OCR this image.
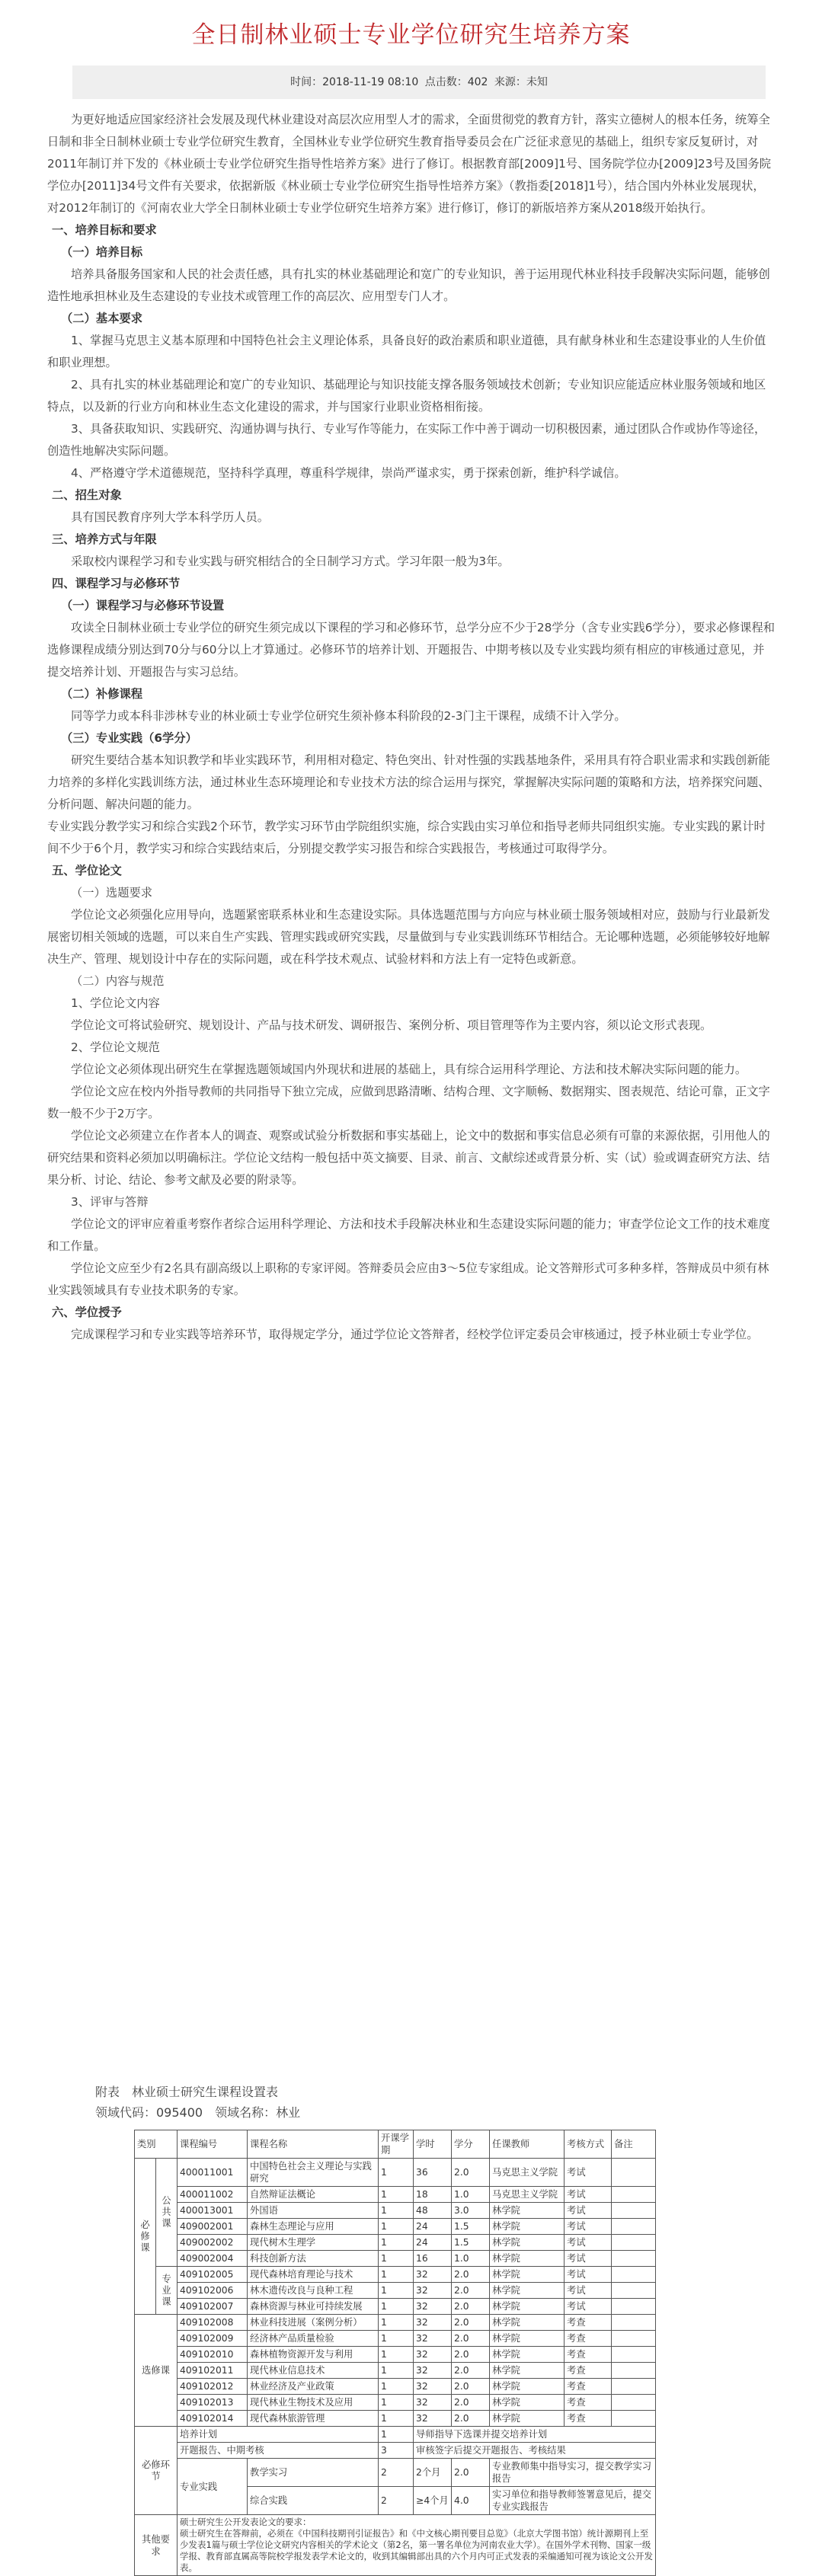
全日制林业硕士专业学位研究生培养方案
时间：2018-11-19 08:10 点击数：402 来源：未知

为更好地适应国家经济社会发展及现代林业建设对高层次应用型人才的需求，全面贯彻党的教育方针，落实立德树人的根本任务，统筹全日制和非全日制林业硕士专业学位研究生教育，全国林业专业学位研究生教育指导委员会在广泛征求意见的基础上，组织专家反复研讨，对2011年制订并下发的《林业硕士专业学位研究生指导性培养方案》进行了修订。根据教育部[2009]1号、国务院学位办[2009]23号及国务院学位办[2011]34号文件有关要求，依据新版《林业硕士专业学位研究生指导性培养方案》（教指委[2018]1号），结合国内外林业发展现状，对2012年制订的《河南农业大学全日制林业硕士专业学位研究生培养方案》进行修订，修订的新版培养方案从2018级开始执行。

一、培养目标和要求

（一）培养目标

培养具备服务国家和人民的社会责任感，具有扎实的林业基础理论和宽广的专业知识，善于运用现代林业科技手段解决实际问题，能够创造性地承担林业及生态建设的专业技术或管理工作的高层次、应用型专门人才。

（二）基本要求

1、掌握马克思主义基本原理和中国特色社会主义理论体系，具备良好的政治素质和职业道德，具有献身林业和生态建设事业的人生价值和职业理想。

2、具有扎实的林业基础理论和宽广的专业知识、基础理论与知识技能支撑各服务领域技术创新；专业知识应能适应林业服务领域和地区特点，以及新的行业方向和林业生态文化建设的需求，并与国家行业职业资格相衔接。

3、具备获取知识、实践研究、沟通协调与执行、专业写作等能力，在实际工作中善于调动一切积极因素，通过团队合作或协作等途径，创造性地解决实际问题。

4、严格遵守学术道德规范，坚持科学真理，尊重科学规律，崇尚严谨求实，勇于探索创新，维护科学诚信。

二、招生对象

具有国民教育序列大学本科学历人员。

三、培养方式与年限

采取校内课程学习和专业实践与研究相结合的全日制学习方式。学习年限一般为3年。

四、课程学习与必修环节

（一）课程学习与必修环节设置

攻读全日制林业硕士专业学位的研究生须完成以下课程的学习和必修环节，总学分应不少于28学分（含专业实践6学分），要求必修课程和选修课程成绩分别达到70分与60分以上才算通过。必修环节的培养计划、开题报告、中期考核以及专业实践均须有相应的审核通过意见，并提交培养计划、开题报告与实习总结。

（二）补修课程

同等学力或本科非涉林专业的林业硕士专业学位研究生须补修本科阶段的2-3门主干课程，成绩不计入学分。

（三）专业实践（6学分）

研究生要结合基本知识教学和毕业实践环节，利用相对稳定、特色突出、针对性强的实践基地条件，采用具有符合职业需求和实践创新能力培养的多样化实践训练方法，通过林业生态环境理论和专业技术方法的综合运用与探究，掌握解决实际问题的策略和方法，培养探究问题、分析问题、解决问题的能力。

专业实践分教学实习和综合实践2个环节，教学实习环节由学院组织实施，综合实践由实习单位和指导老师共同组织实施。专业实践的累计时间不少于6个月，教学实习和综合实践结束后，分别提交教学实习报告和综合实践报告，考核通过可取得学分。

五、学位论文

（一）选题要求

学位论文必须强化应用导向，选题紧密联系林业和生态建设实际。具体选题范围与方向应与林业硕士服务领域相对应，鼓励与行业最新发展密切相关领域的选题，可以来自生产实践、管理实践或研究实践，尽量做到与专业实践训练环节相结合。无论哪种选题，必须能够较好地解决生产、管理、规划设计中存在的实际问题，或在科学技术观点、试验材料和方法上有一定特色或新意。

（二）内容与规范

1、学位论文内容

学位论文可将试验研究、规划设计、产品与技术研发、调研报告、案例分析、项目管理等作为主要内容，须以论文形式表现。

2、学位论文规范

学位论文必须体现出研究生在掌握选题领域国内外现状和进展的基础上，具有综合运用科学理论、方法和技术解决实际问题的能力。

学位论文应在校内外指导教师的共同指导下独立完成，应做到思路清晰、结构合理、文字顺畅、数据翔实、图表规范、结论可靠，正文字数一般不少于2万字。

学位论文必须建立在作者本人的调查、观察或试验分析数据和事实基础上，论文中的数据和事实信息必须有可靠的来源依据，引用他人的研究结果和资料必须加以明确标注。学位论文结构一般包括中英文摘要、目录、前言、文献综述或背景分析、实（试）验或调查研究方法、结果分析、讨论、结论、参考文献及必要的附录等。

3、评审与答辩

学位论文的评审应着重考察作者综合运用科学理论、方法和技术手段解决林业和生态建设实际问题的能力；审查学位论文工作的技术难度和工作量。

学位论文应至少有2名具有副高级以上职称的专家评阅。答辩委员会应由3～5位专家组成。论文答辩形式可多种多样，答辩成员中须有林业实践领域具有专业技术职务的专家。

六、学位授予

完成课程学习和专业实践等培养环节，取得规定学分，通过学位论文答辩者，经校学位评定委员会审核通过，授予林业硕士专业学位。

附表　林业硕士研究生课程设置表
领域代码：095400　领域名称：林业
类别		课程编号	课程名称	开课学期	学时	学分	任课教师	考核方式	备注
必修课	公共课	400011001	中国特色社会主义理论与实践研究	1	36	2.0	马克思主义学院	考试	
		400011002	自然辩证法概论	1	18	1.0	马克思主义学院	考试	
		400013001	外国语	1	48	3.0	林学院	考试	
		409002001	森林生态理论与应用	1	24	1.5	林学院	考试	
		409002002	现代树木生理学	1	24	1.5	林学院	考试	
		409002004	科技创新方法	1	16	1.0	林学院	考试	
	专业课	409102005	现代森林培育理论与技术	1	32	2.0	林学院	考试	
		409102006	林木遗传改良与良种工程	1	32	2.0	林学院	考试	
		409102007	森林资源与林业可持续发展	1	32	2.0	林学院	考试	
选修课		409102008	林业科技进展（案例分析）	1	32	2.0	林学院	考查	
		409102009	经济林产品质量检验	1	32	2.0	林学院	考查	
		409102010	森林植物资源开发与利用	1	32	2.0	林学院	考查	
		409102011	现代林业信息技术	1	32	2.0	林学院	考查	
		409102012	林业经济及产业政策	1	32	2.0	林学院	考查	
		409102013	现代林业生物技术及应用	1	32	2.0	林学院	考查	
		409102014	现代森林旅游管理	1	32	2.0	林学院	考查	
必修环节		培养计划		1	导师指导下选课并提交培养计划				
		开题报告、中期考核		3	审核签字后提交开题报告、考核结果				
		专业实践	教学实习	2	2个月	2.0	专业教师集中指导实习，提交教学实习报告		
			综合实践	2	≥4个月	4.0	实习单位和指导教师签署意见后，提交专业实践报告		
其他要求		硕士研究生公开发表论文的要求：
硕士研究生在答辩前，必须在《中国科技期刊引证报告》和《中文核心期刊要目总览》（北京大学图书馆）统计源期刊上至少发表1篇与硕士学位论文研究内容相关的学术论文（第2名，第一署名单位为河南农业大学）。在国外学术刊物、国家一级学报、教育部直属高等院校学报发表学术论文的，收到其编辑部出具的六个月内可正式发表的采编通知可视为该论文公开发表。							
